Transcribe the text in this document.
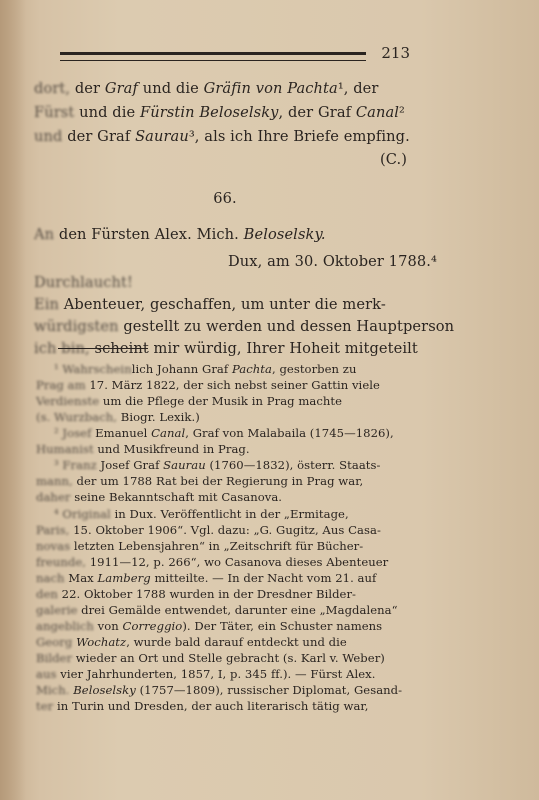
213
dort, der Graf und die Gräfin von Pachta¹, der
Fürst und die Fürstin Beloselsky, der Graf Canal²
und der Graf Saurau³, als ich Ihre Briefe empfing.
(C.)
66.
An den Fürsten Alex. Mich. Beloselsky.
Dux, am 30. Oktober 1788.⁴
Durchlaucht!
Ein Abenteuer, geschaffen, um unter die merk-
würdigsten gestellt zu werden und dessen Hauptperson
ich bin, scheint mir würdig, Ihrer Hoheit mitgeteilt
¹ Wahrscheinlich Johann Graf Pachta, gestorben zu
Prag am 17. März 1822, der sich nebst seiner Gattin viele
Verdienste um die Pflege der Musik in Prag machte
(s. Wurzbach, Biogr. Lexik.)
² Josef Emanuel Canal, Graf von Malabaila (1745—1826),
Humanist und Musikfreund in Prag.
³ Franz Josef Graf Saurau (1760—1832), österr. Staats-
mann, der um 1788 Rat bei der Regierung in Prag war,
daher seine Bekanntschaft mit Casanova.
⁴ Original in Dux. Veröffentlicht in der „Ermitage,
Paris, 15. Oktober 1906“. Vgl. dazu: „G. Gugitz, Aus Casa-
novas letzten Lebensjahren“ in „Zeitschrift für Bücher-
freunde, 1911—12, p. 266“, wo Casanova dieses Abenteuer
nach Max Lamberg mitteilte. — In der Nacht vom 21. auf
den 22. Oktober 1788 wurden in der Dresdner Bilder-
galerie drei Gemälde entwendet, darunter eine „Magdalena“
angeblich von Correggio). Der Täter, ein Schuster namens
Georg Wochatz, wurde bald darauf entdeckt und die
Bilder wieder an Ort und Stelle gebracht (s. Karl v. Weber)
aus vier Jahrhunderten, 1857, I, p. 345 ff.). — Fürst Alex.
Mich. Beloselsky (1757—1809), russischer Diplomat, Gesand-
ter in Turin und Dresden, der auch literarisch tätig war,
